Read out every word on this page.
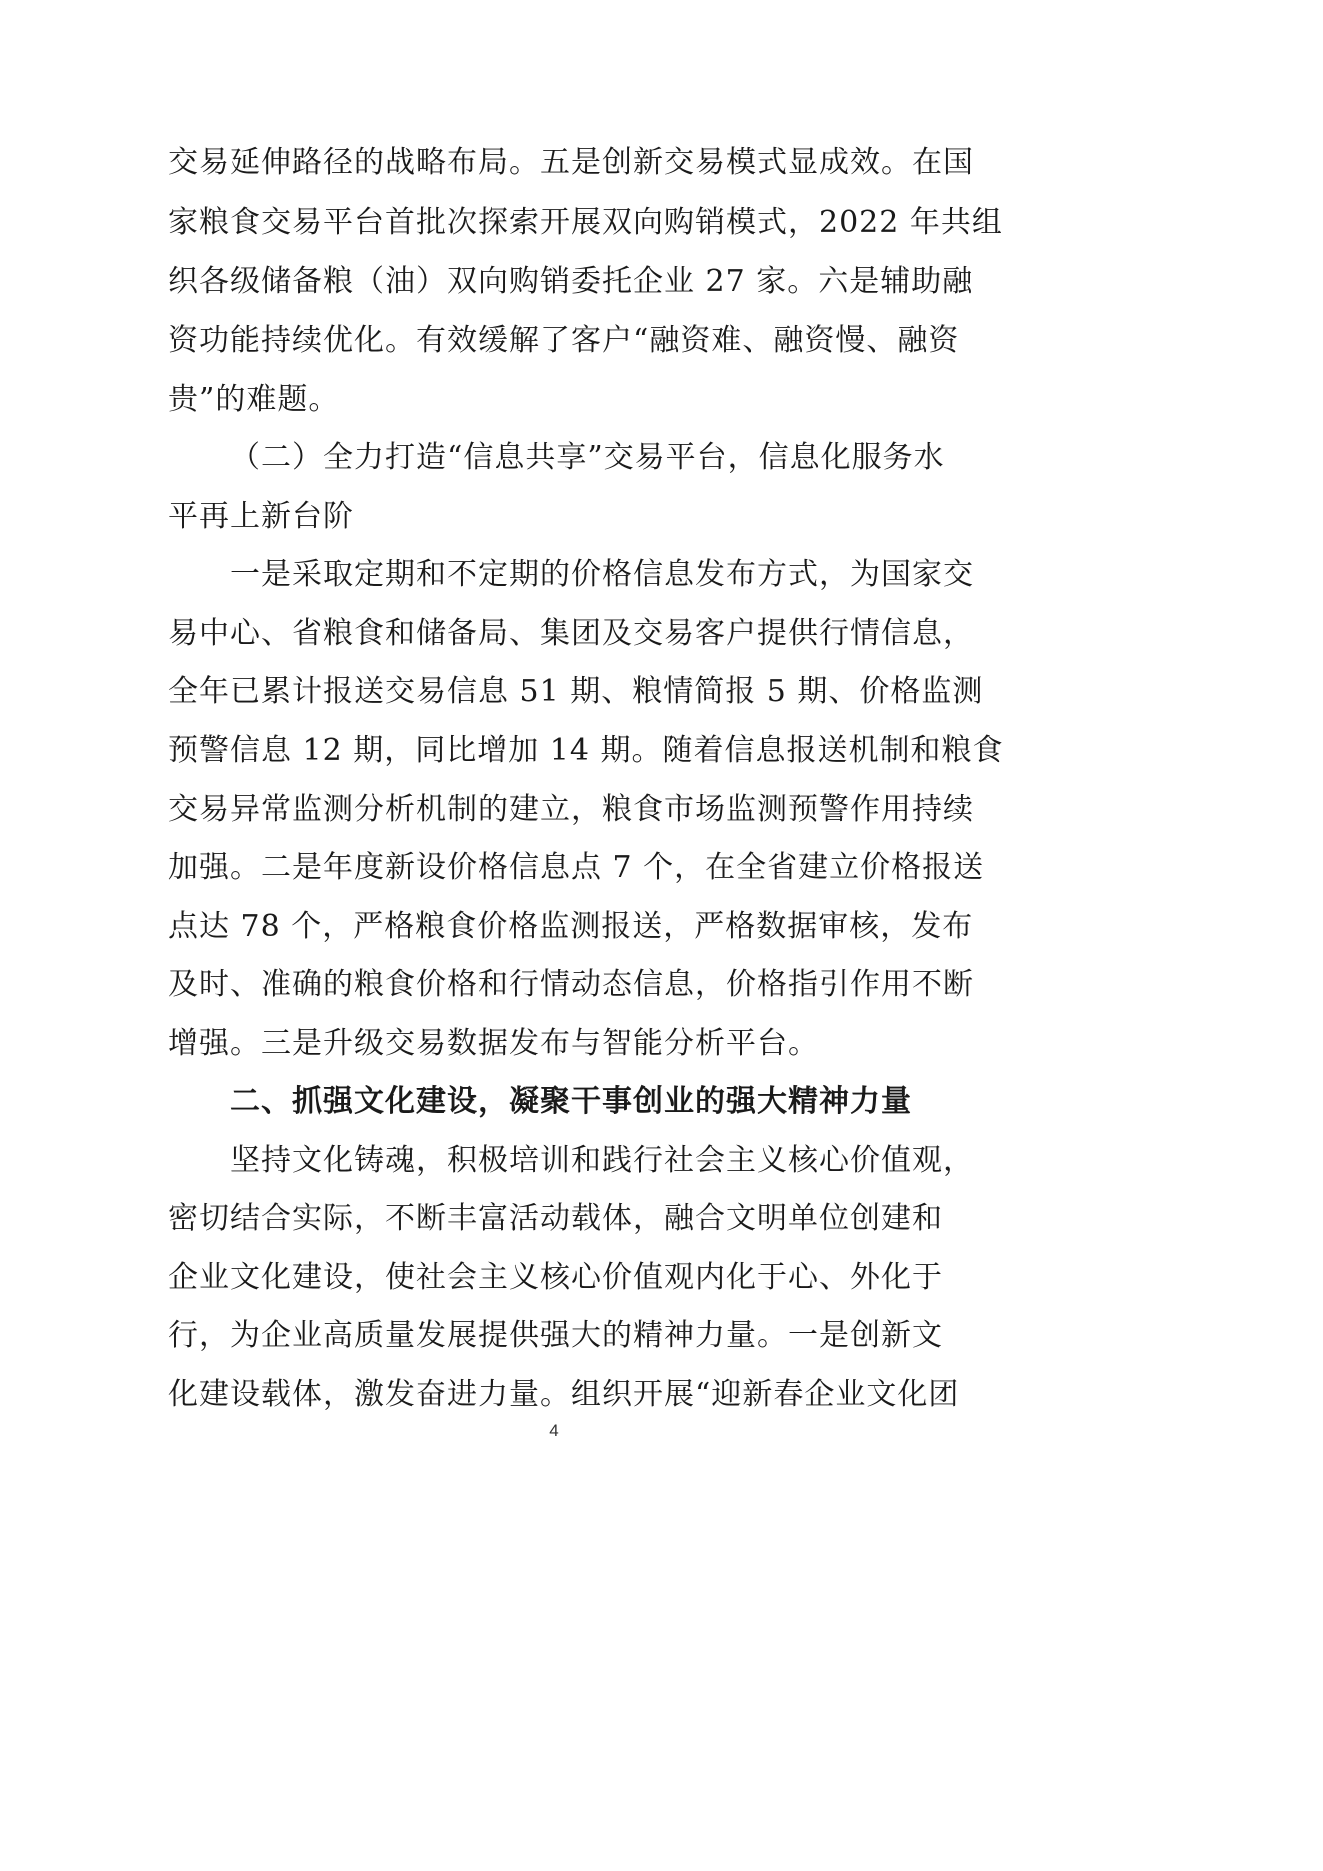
交易延伸路径的战略布局。五是创新交易模式显成效。在国
家粮食交易平台首批次探索开展双向购销模式，2022 年共组
织各级储备粮（油）双向购销委托企业 27 家。六是辅助融
资功能持续优化。有效缓解了客户“融资难、融资慢、融资
贵”的难题。
（二）全力打造“信息共享”交易平台，信息化服务水
平再上新台阶
一是采取定期和不定期的价格信息发布方式，为国家交
易中心、省粮食和储备局、集团及交易客户提供行情信息，
全年已累计报送交易信息 51 期、粮情简报 5 期、价格监测
预警信息 12 期，同比增加 14 期。随着信息报送机制和粮食
交易异常监测分析机制的建立，粮食市场监测预警作用持续
加强。二是年度新设价格信息点 7 个，在全省建立价格报送
点达 78 个，严格粮食价格监测报送，严格数据审核，发布
及时、准确的粮食价格和行情动态信息，价格指引作用不断
增强。三是升级交易数据发布与智能分析平台。
二、抓强文化建设，凝聚干事创业的强大精神力量
坚持文化铸魂，积极培训和践行社会主义核心价值观，
密切结合实际，不断丰富活动载体，融合文明单位创建和
企业文化建设，使社会主义核心价值观内化于心、外化于
行，为企业高质量发展提供强大的精神力量。一是创新文
化建设载体，激发奋进力量。组织开展“迎新春企业文化团
4
